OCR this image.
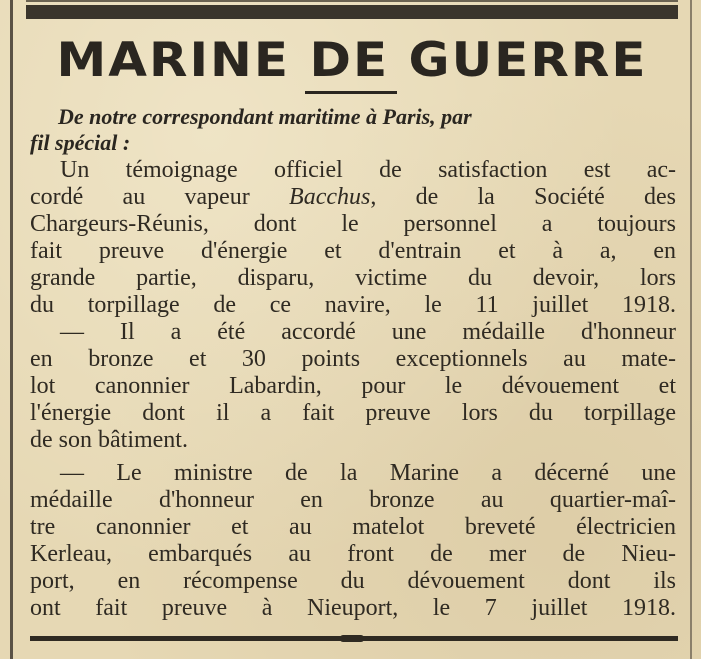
MARINE DE GUERRE
De notre correspondant maritime à Paris, par
fil spécial :
Un témoignage officiel de satisfaction est ac-
cordé au vapeur Bacchus, de la Société des
Chargeurs-Réunis, dont le personnel a toujours
fait preuve d'énergie et d'entrain et à a, en
grande partie, disparu, victime du devoir, lors
du torpillage de ce navire, le 11 juillet 1918.
— Il a été accordé une médaille d'honneur
en bronze et 30 points exceptionnels au mate-
lot canonnier Labardin, pour le dévouement et
l'énergie dont il a fait preuve lors du torpillage
de son bâtiment.
— Le ministre de la Marine a décerné une
médaille d'honneur en bronze au quartier-maî-
tre canonnier et au matelot breveté électricien
Kerleau, embarqués au front de mer de Nieu-
port, en récompense du dévouement dont ils
ont fait preuve à Nieuport, le 7 juillet 1918.
